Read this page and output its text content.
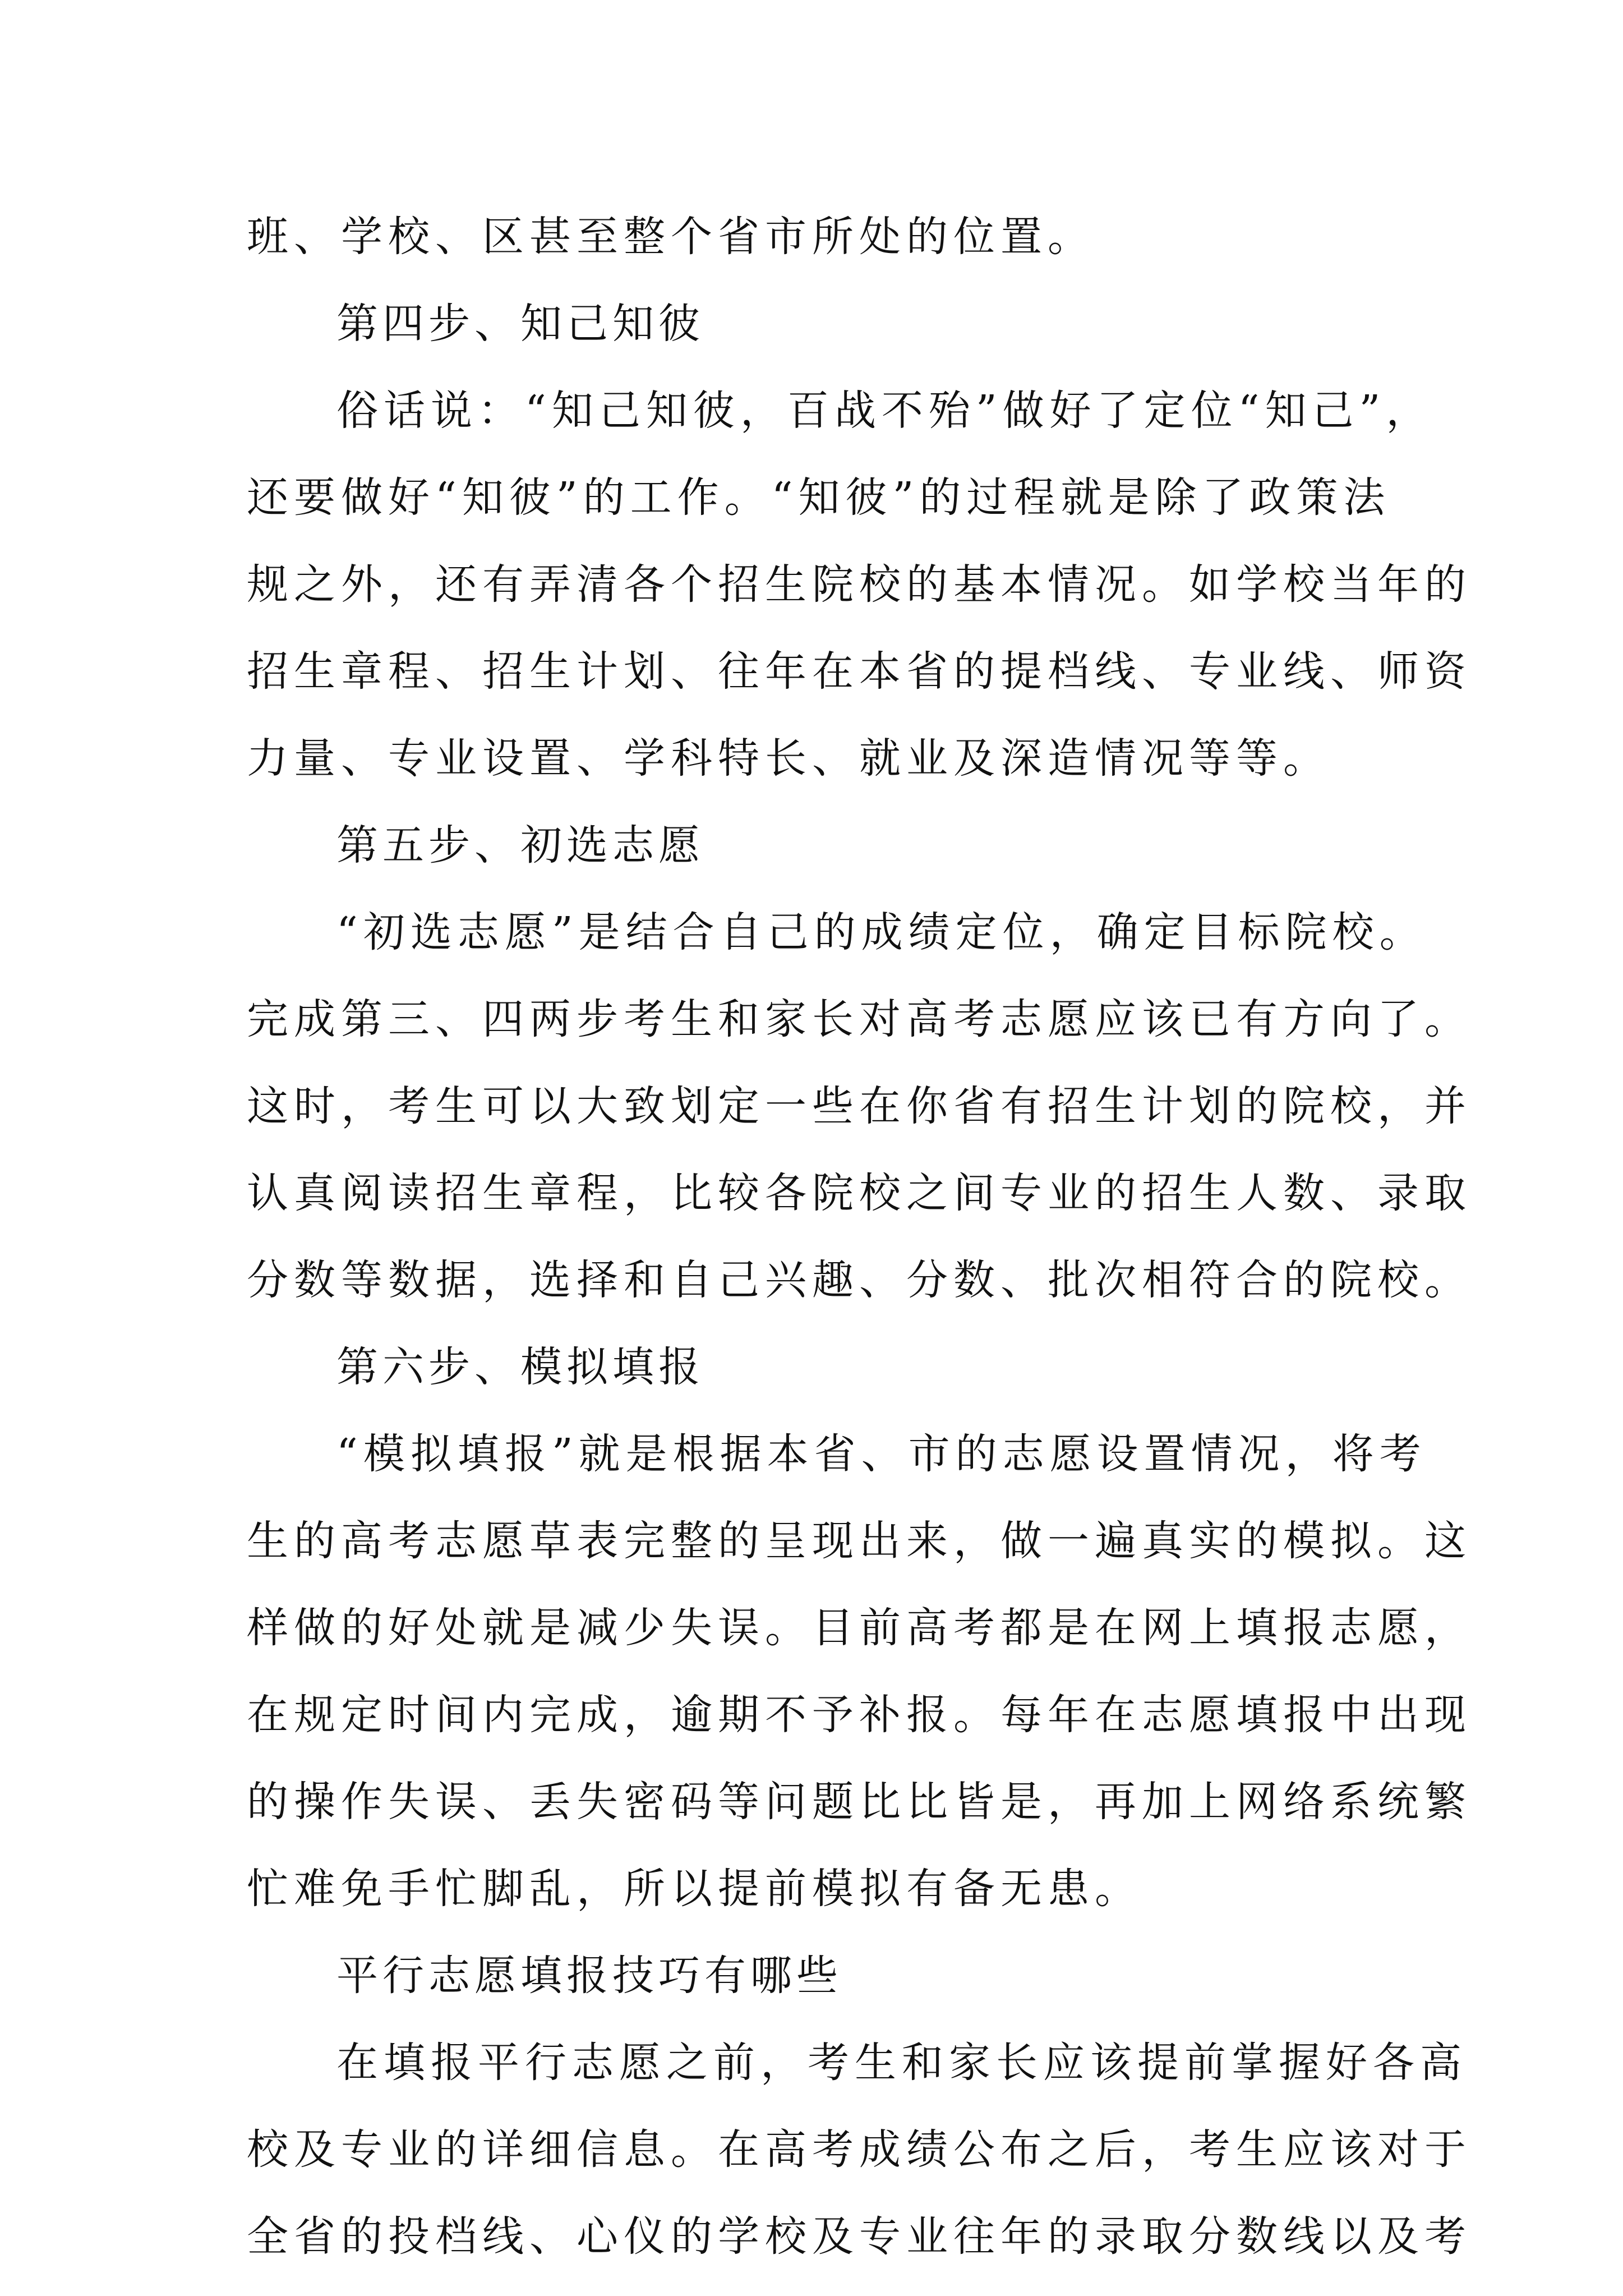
班、学校、区甚至整个省市所处的位置。
第四步、知己知彼
俗话说：“知己知彼，百战不殆”做好了定位“知己”，
还要做好“知彼”的工作。“知彼”的过程就是除了政策法
规之外，还有弄清各个招生院校的基本情况。如学校当年的
招生章程、招生计划、往年在本省的提档线、专业线、师资
力量、专业设置、学科特长、就业及深造情况等等。
第五步、初选志愿
“初选志愿”是结合自己的成绩定位，确定目标院校。
完成第三、四两步考生和家长对高考志愿应该已有方向了。
这时，考生可以大致划定一些在你省有招生计划的院校，并
认真阅读招生章程，比较各院校之间专业的招生人数、录取
分数等数据，选择和自己兴趣、分数、批次相符合的院校。
第六步、模拟填报
“模拟填报”就是根据本省、市的志愿设置情况，将考
生的高考志愿草表完整的呈现出来，做一遍真实的模拟。这
样做的好处就是减少失误。目前高考都是在网上填报志愿，
在规定时间内完成，逾期不予补报。每年在志愿填报中出现
的操作失误、丢失密码等问题比比皆是，再加上网络系统繁
忙难免手忙脚乱，所以提前模拟有备无患。
平行志愿填报技巧有哪些
在填报平行志愿之前，考生和家长应该提前掌握好各高
校及专业的详细信息。在高考成绩公布之后，考生应该对于
全省的投档线、心仪的学校及专业往年的录取分数线以及考
